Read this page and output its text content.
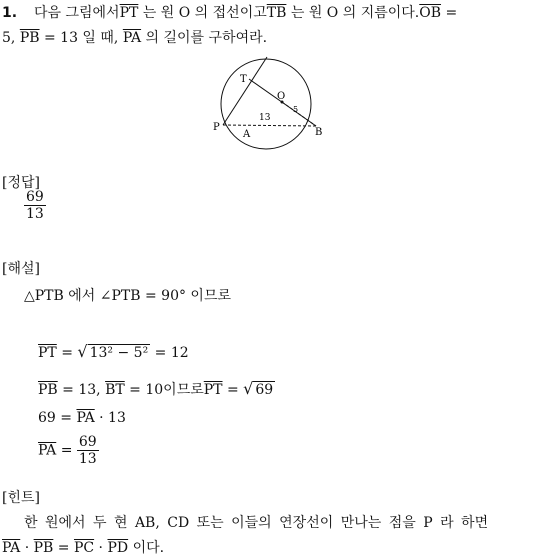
1. 다음 그림에서$\overline{PT}$ 는 원 O 의 접선이고$\overline{TB}$ 는 원 O 의 지름이다$.\overline{OB}$ =
5, $\overline{PB} = 13$ 일 때, $\overline{PA}$ 의 길이를 구하여라.
T
O
P
A	B
13
5
[정답]
$\frac{69}{13}$
[해설]
△PTB 에서 ∠PTB = 90° 이므로
$\overline{PT}$ = √ 13² − 5² = 12
$\overline{PB} = 13$, $\overline{BT} = 10$이므로$\overline{PT}$ = √ 69
$69 = \overline{PA} \cdot 13$
$\overline{PA} = \frac{69}{13}$
[힌트]
한 원에서 두 현 AB, CD 또는 이들의 연장선이 만나는 점을 P 라 하면
$\overline{PA} \cdot \overline{PB} = \overline{PC} \cdot \overline{PD}$ 이다.
